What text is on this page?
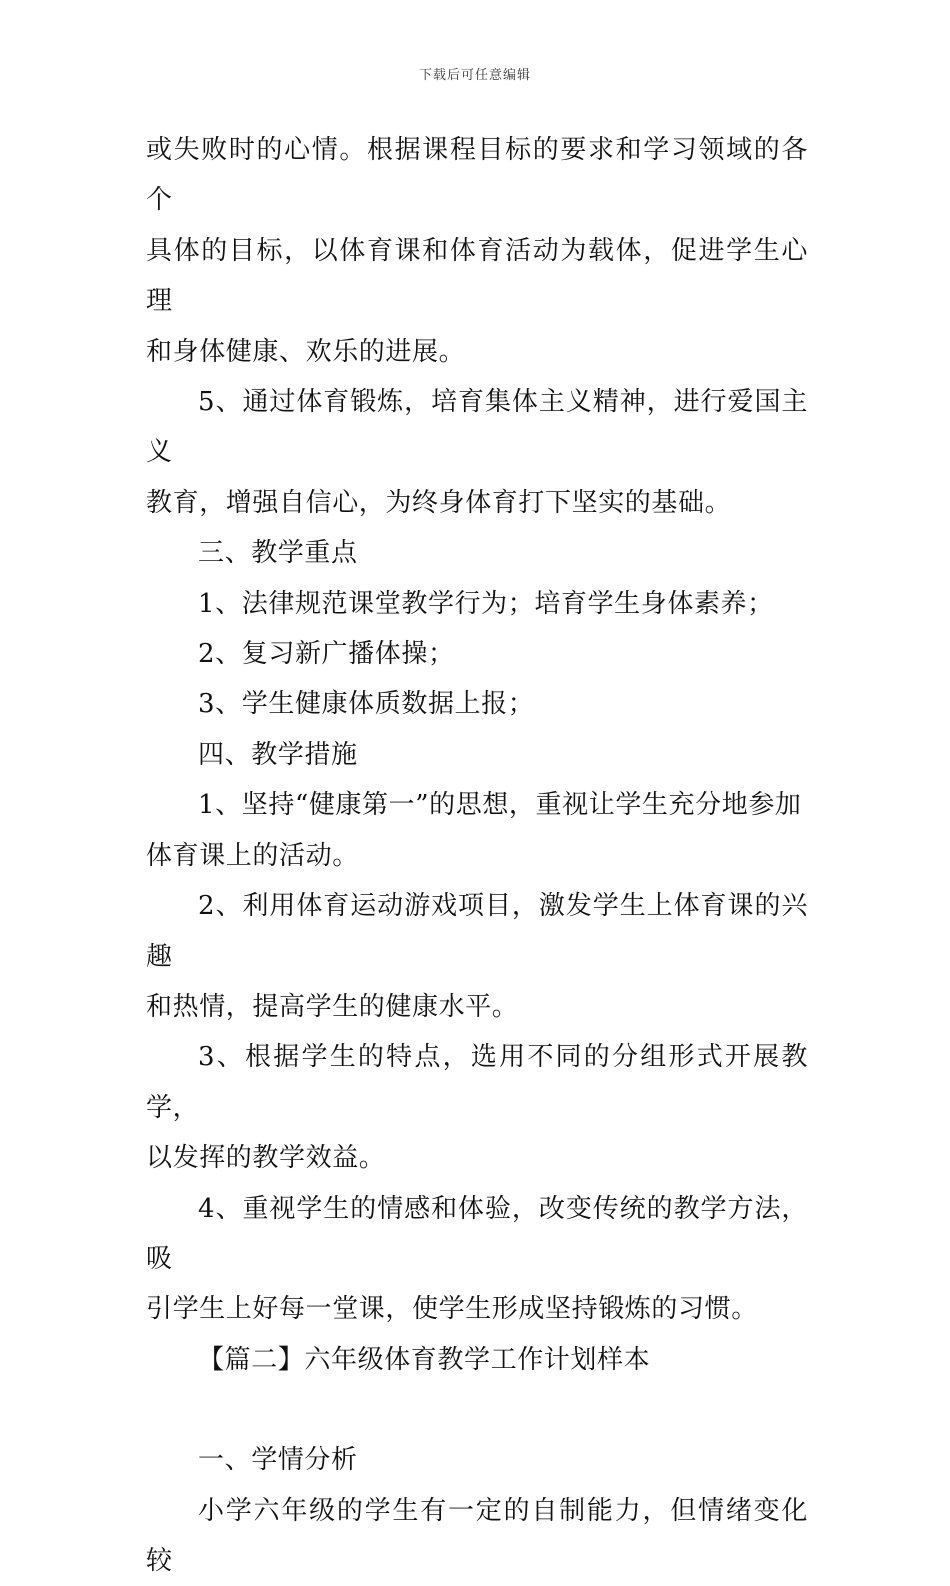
下载后可任意编辑

或失败时的心情。根据课程目标的要求和学习领域的各个
具体的目标，以体育课和体育活动为载体，促进学生心理
和身体健康、欢乐的进展。

5、通过体育锻炼，培育集体主义精神，进行爱国主义
教育，增强自信心，为终身体育打下坚实的基础。

三、教学重点

1、法律规范课堂教学行为；培育学生身体素养；

2、复习新广播体操；

3、学生健康体质数据上报；

四、教学措施

1、坚持“健康第一”的思想，重视让学生充分地参加
体育课上的活动。

2、利用体育运动游戏项目，激发学生上体育课的兴趣
和热情，提高学生的健康水平。

3、根据学生的特点，选用不同的分组形式开展教学，
以发挥的教学效益。

4、重视学生的情感和体验，改变传统的教学方法，吸
引学生上好每一堂课，使学生形成坚持锻炼的习惯。

【篇二】六年级体育教学工作计划样本

一、学情分析

小学六年级的学生有一定的自制能力，但情绪变化较
